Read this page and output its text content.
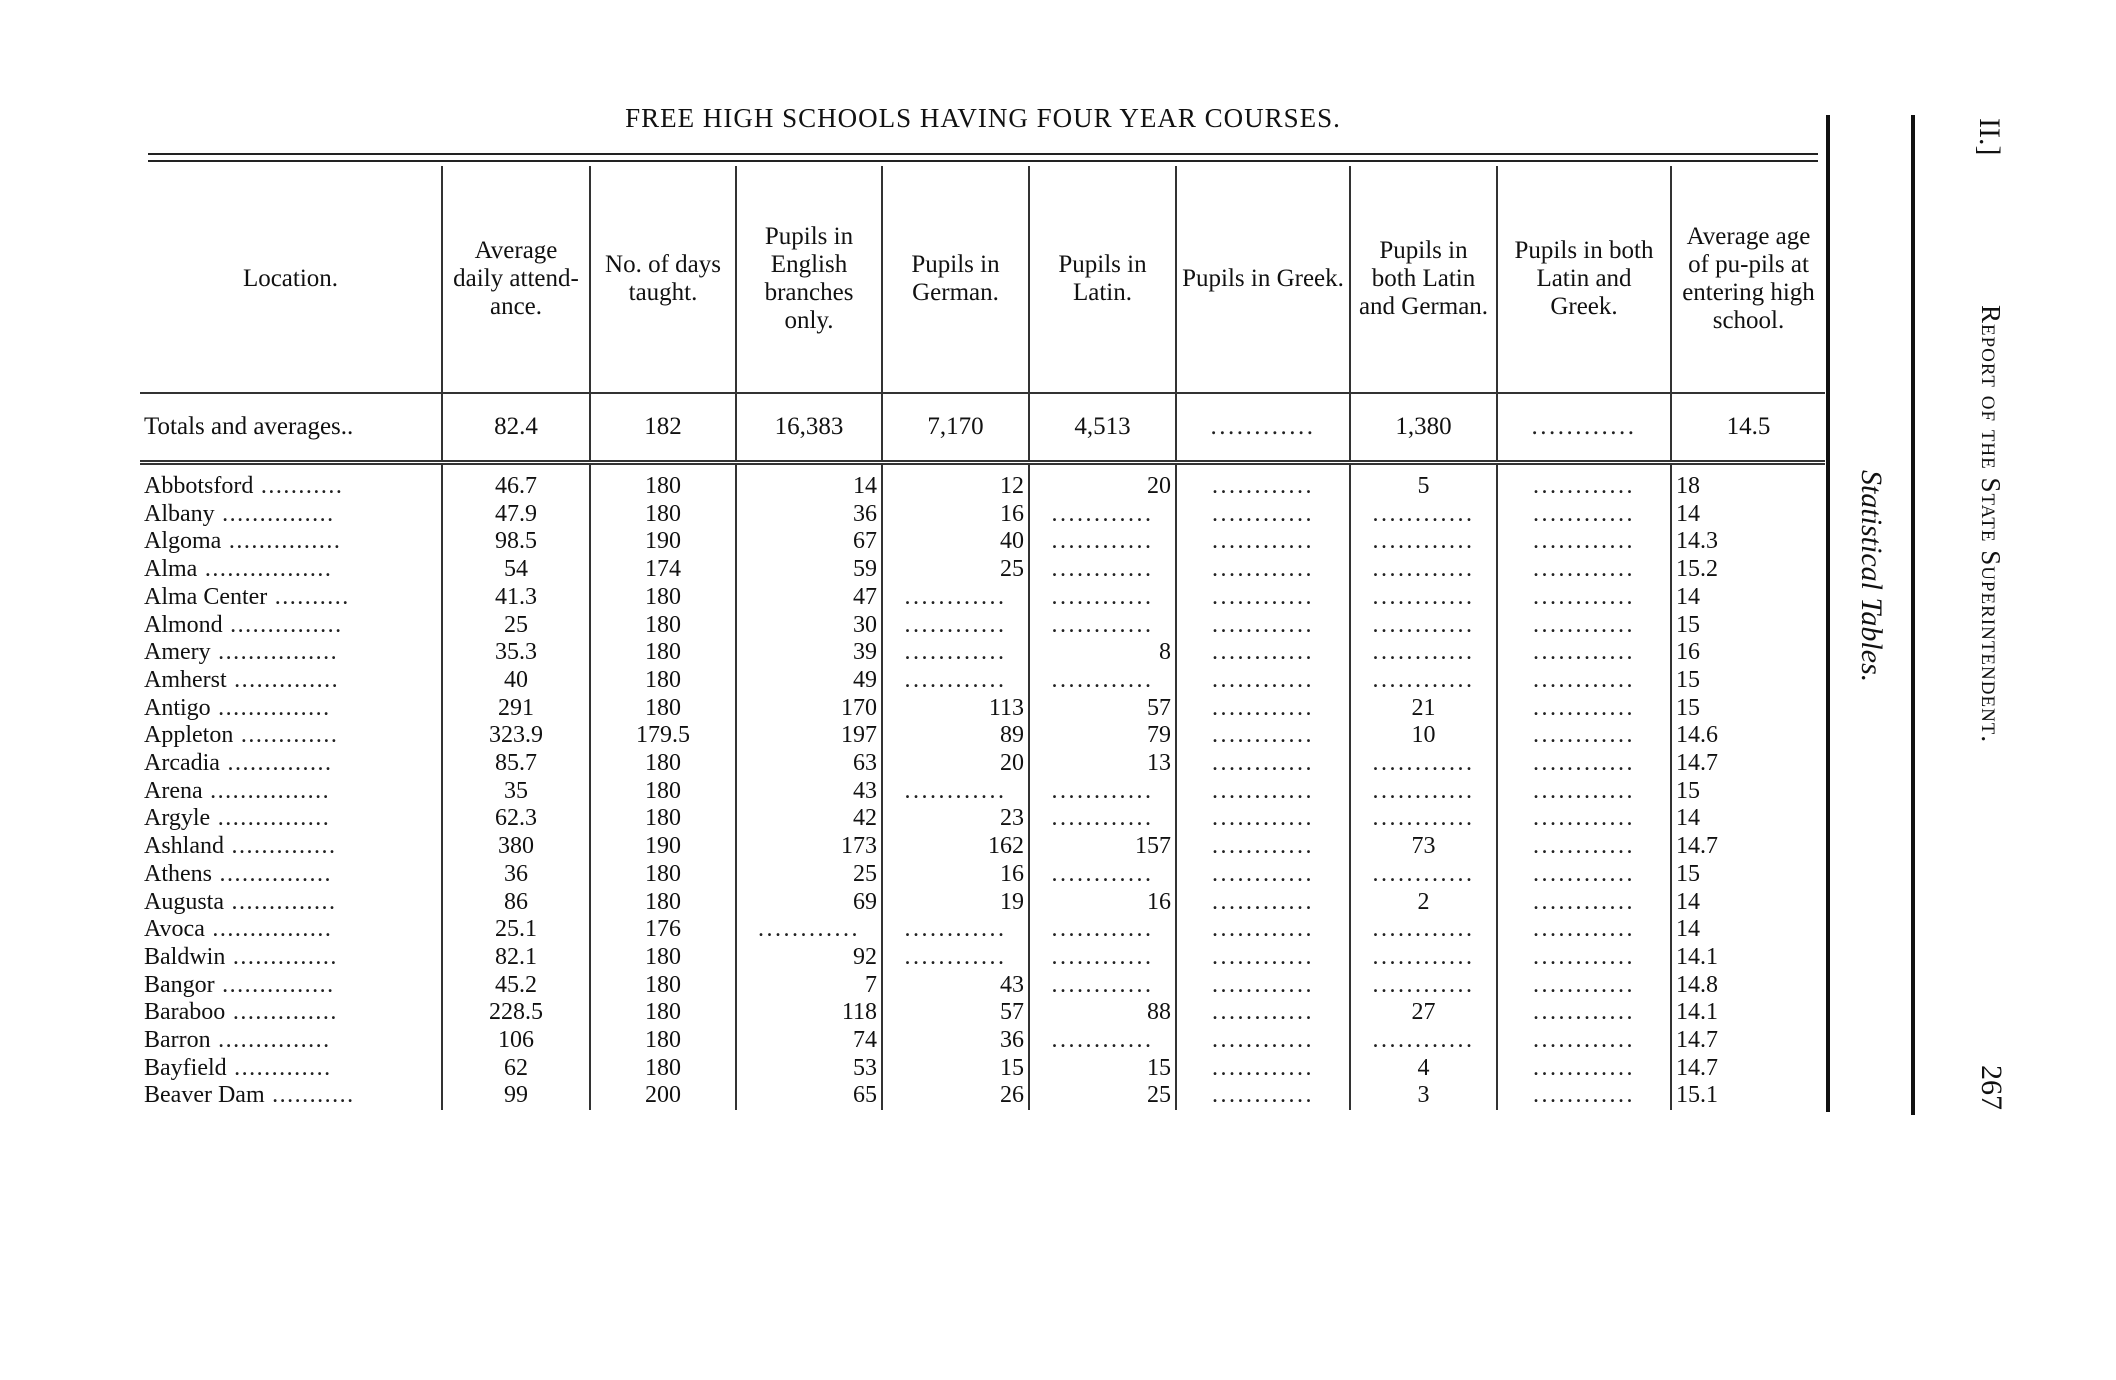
FREE HIGH SCHOOLS HAVING FOUR YEAR COURSES.
Location.	Average daily attend-ance.	No. of days taught.	Pupils in English branches only.	Pupils in German.	Pupils in Latin.	Pupils in Greek.	Pupils in both Latin and German.	Pupils in both Latin and Greek.	Average age of pu-pils at entering high school.
Totals and averages..	82.4	182	16,383	7,170	4,513	............	1,380	............	14.5

Abbotsford ...........	46.7	180	14	12	20	............	5	............	18
Albany ...............	47.9	180	36	16	............	............	............	............	14
Algoma ...............	98.5	190	67	40	............	............	............	............	14.3
Alma .................	54	174	59	25	............	............	............	............	15.2
Alma Center ..........	41.3	180	47	............	............	............	............	............	14
Almond ...............	25	180	30	............	............	............	............	............	15
Amery ................	35.3	180	39	............	8	............	............	............	16
Amherst ..............	40	180	49	............	............	............	............	............	15
Antigo ...............	291	180	170	113	57	............	21	............	15
Appleton .............	323.9	179.5	197	89	79	............	10	............	14.6
Arcadia ..............	85.7	180	63	20	13	............	............	............	14.7
Arena ................	35	180	43	............	............	............	............	............	15
Argyle ...............	62.3	180	42	23	............	............	............	............	14
Ashland ..............	380	190	173	162	157	............	73	............	14.7
Athens ...............	36	180	25	16	............	............	............	............	15
Augusta ..............	86	180	69	19	16	............	2	............	14
Avoca ................	25.1	176	............	............	............	............	............	............	14
Baldwin ..............	82.1	180	92	............	............	............	............	............	14.1
Bangor ...............	45.2	180	7	43	............	............	............	............	14.8
Baraboo ..............	228.5	180	118	57	88	............	27	............	14.1
Barron ...............	106	180	74	36	............	............	............	............	14.7
Bayfield .............	62	180	53	15	15	............	4	............	14.7
Beaver Dam ...........	99	200	65	26	25	............	3	............	15.1
Statistical Tables.	Report of the State Superintendent.
II.]
267
